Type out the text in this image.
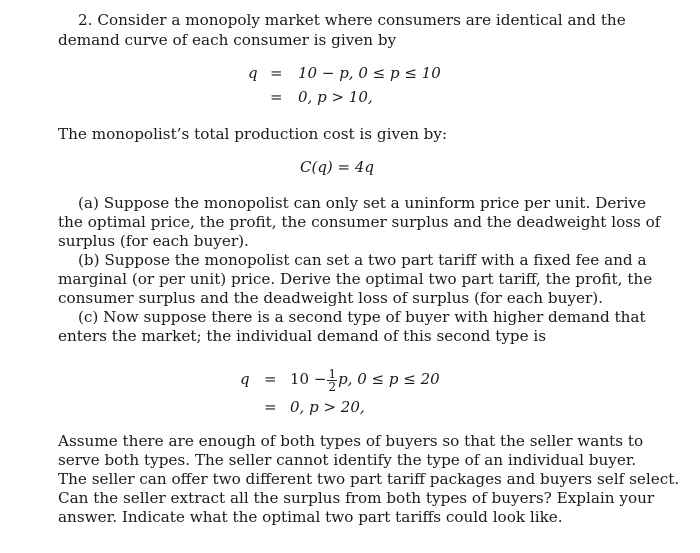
2. Consider a monopoly market where consumers are identical and the
demand curve of each consumer is given by
q = 10 − p, 0 ≤ p ≤ 10
= 0, p > 10,
The monopolist’s total production cost is given by:
C(q) = 4q
(a) Suppose the monopolist can only set a uninform price per unit. Derive
the optimal price, the profit, the consumer surplus and the deadweight loss of
surplus (for each buyer).
(b) Suppose the monopolist can set a two part tariff with a fixed fee and a
marginal (or per unit) price. Derive the optimal two part tariff, the profit, the
consumer surplus and the deadweight loss of surplus (for each buyer).
(c) Now suppose there is a second type of buyer with higher demand that
enters the market; the individual demand of this second type is
$q = 10 - \frac{1}{2} p$, 0 ≤ p ≤ 20
= 0, p > 20,
Assume there are enough of both types of buyers so that the seller wants to
serve both types. The seller cannot identify the type of an individual buyer.
The seller can offer two different two part tariff packages and buyers self select.
Can the seller extract all the surplus from both types of buyers? Explain your
answer. Indicate what the optimal two part tariffs could look like.
